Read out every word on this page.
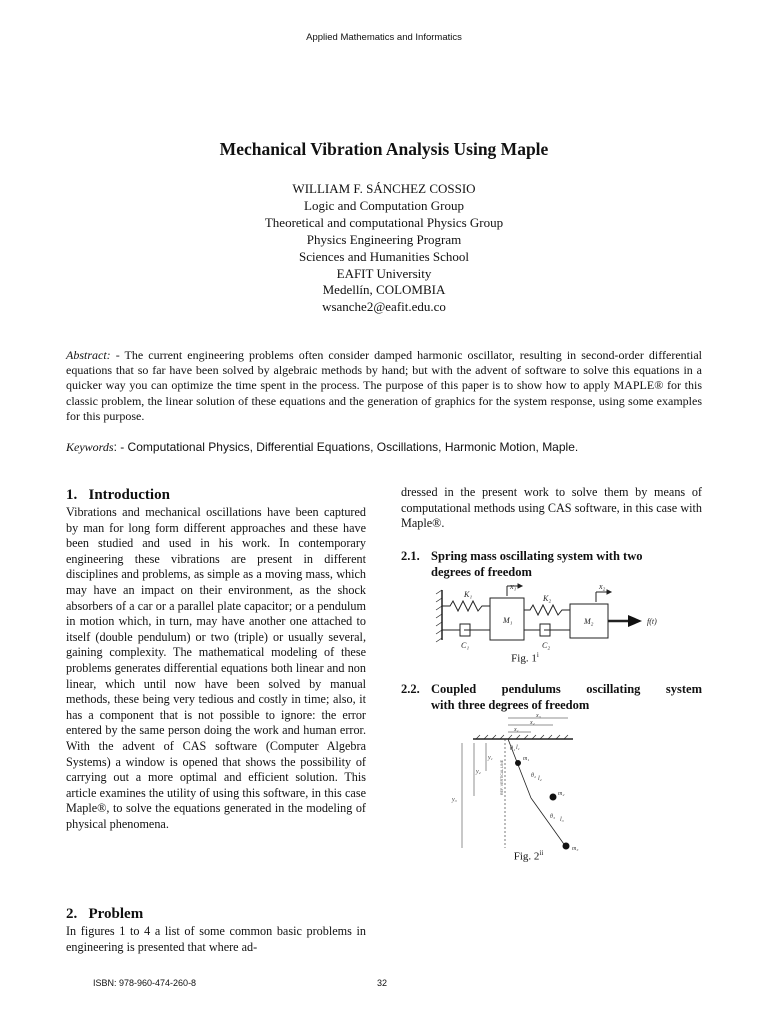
Applied Mathematics and Informatics
Mechanical Vibration Analysis Using Maple
WILLIAM F. SÁNCHEZ COSSIO
Logic and Computation Group
Theoretical and computational Physics Group
Physics Engineering Program
Sciences and Humanities School
EAFIT University
Medellín, COLOMBIA
wsanche2@eafit.edu.co
Abstract: - The current engineering problems often consider damped harmonic oscillator, resulting in second-order differential equations that so far have been solved by algebraic methods by hand; but with the advent of software to solve this equations in a quicker way you can optimize the time spent in the process. The purpose of this paper is to show how to apply MAPLE® for this classic problem, the linear solution of these equations and the generation of graphics for the system response, using some examples for this purpose.
Keywords: - Computational Physics, Differential Equations, Oscillations, Harmonic Motion, Maple.
1.   Introduction
Vibrations and mechanical oscillations have been captured by man for long form different approaches and these have been studied and used in his work. In contemporary engineering these vibrations are present in different disciplines and problems, as simple as a moving mass, which may have an impact on their environment, as the shock absorbers of a car or a parallel plate capacitor; or a pendulum in motion which, in turn, may have another one attached to itself (double pendulum) or two (triple) or usually several, gaining complexity. The mathematical modeling of these problems generates differential equations both linear and non linear, which until now have been solved by manual methods, these being very tedious and costly in time; also, it has a component that is not possible to ignore: the error entered by the same person doing the work and human error. With the advent of CAS software (Computer Algebra Systems) a window is opened that shows the possibility of carrying out a more optimal and efficient solution. This article examines the utility of using this software, in this case Maple®, to solve the equations generated in the modeling of physical phenomena.
2.   Problem
In figures 1 to 4 a list of some common basic problems in engineering is presented that where ad-
dressed in the present work to solve them by means of computational methods using CAS software, in this case with Maple®.
2.1. Spring mass oscillating system with two
degrees of freedom
K₁
C₁
M₁
x₁
K₂
C₂
M₂
x₂
f(t)
Fig. 1$^i$
2.2. Coupled pendulums oscillating system
with three degrees of freedom
x₃
x₂
x₁
y₁
y₂
y₃
θ₁
θ₂
θ₃
l₁
l₂
l₃
m₁
m₂
m₃
REF. VERTICAL LINE
Fig. 2$^{ii}$
ISBN: 978-960-474-260-8	32
